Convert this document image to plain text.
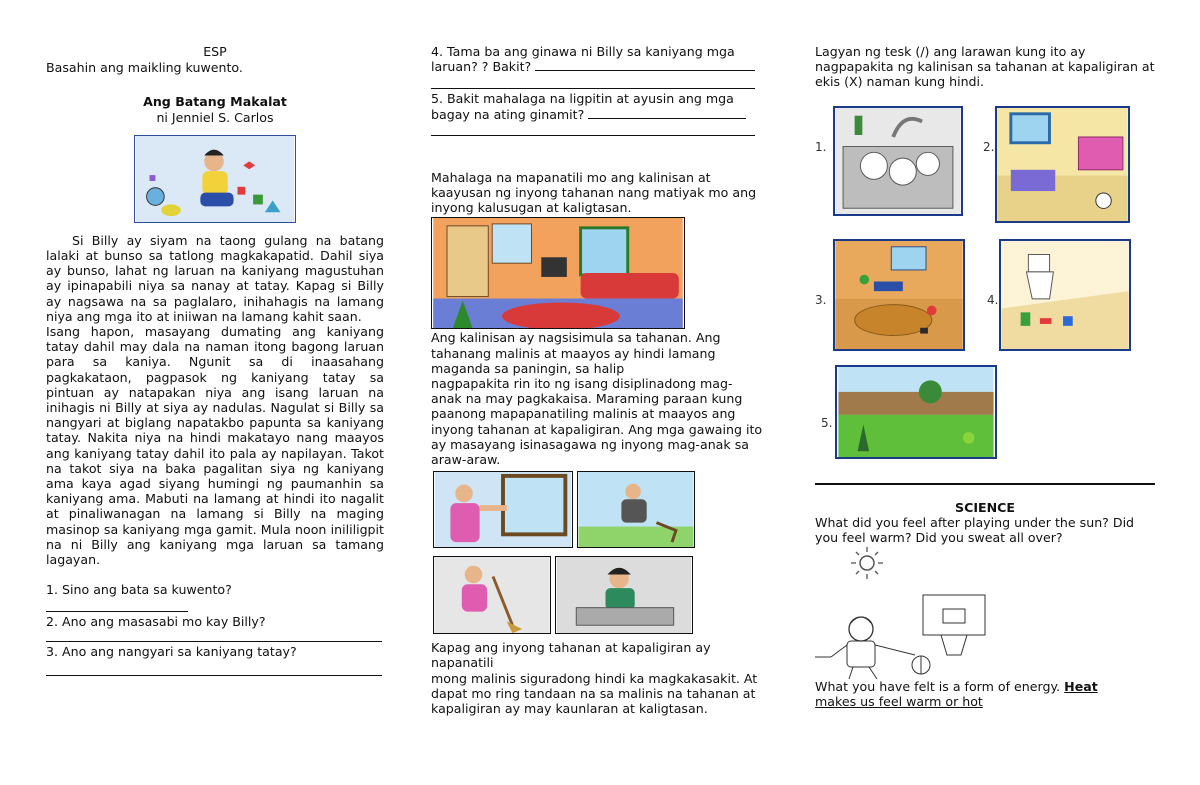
ESP
Basahin ang maikling kuwento.
Ang Batang Makalat
ni Jenniel S. Carlos
Si Billy ay siyam na taong gulang na batang lalaki at bunso sa tatlong magkakapatid. Dahil siya ay bunso, lahat ng laruan na kaniyang magustuhan ay ipinapabili niya sa nanay at tatay. Kapag si Billy ay nagsawa na sa paglalaro, inihahagis na lamang niya ang mga ito at iniiwan na lamang kahit saan.
Isang hapon, masayang dumating ang kaniyang tatay dahil may dala na naman itong bagong laruan para sa kaniya. Ngunit sa di inaasahang pagkakataon, pagpasok ng kaniyang tatay sa pintuan ay natapakan niya ang isang laruan na inihagis ni Billy at siya ay nadulas. Nagulat si Billy sa nangyari at biglang napatakbo papunta sa kaniyang tatay. Nakita niya na hindi makatayo nang maayos ang kaniyang tatay dahil ito pala ay napilayan. Takot na takot siya na baka pagalitan siya ng kaniyang ama kaya agad siyang humingi ng paumanhin sa kaniyang ama. Mabuti na lamang at hindi ito nagalit at pinaliwanagan na lamang si Billy na maging masinop sa kaniyang mga gamit. Mula noon inililigpit na ni Billy ang kaniyang mga laruan sa tamang lagayan.
1. Sino ang bata sa kuwento?
2. Ano ang masasabi mo kay Billy?
3. Ano ang nangyari sa kaniyang tatay?
4. Tama ba ang ginawa ni Billy sa kaniyang mga laruan? ? Bakit?
5. Bakit mahalaga na ligpitin at ayusin ang mga bagay na ating ginamit?
Mahalaga na mapanatili mo ang kalinisan at kaayusan ng inyong tahanan nang matiyak mo ang inyong kalusugan at kaligtasan.
Ang kalinisan ay nagsisimula sa tahanan. Ang tahanang malinis at maayos ay hindi lamang maganda sa paningin, sa halip
nagpapakita rin ito ng isang disiplinadong mag-anak na may pagkakaisa. Maraming paraan kung paanong mapapanatiling malinis at maayos ang inyong tahanan at kapaligiran. Ang mga gawaing ito ay masayang isinasagawa ng inyong mag-anak sa araw-araw.
Kapag ang inyong tahanan at kapaligiran ay napanatili
mong malinis siguradong hindi ka magkakasakit. At dapat mo ring tandaan na sa malinis na tahanan at kapaligiran ay may kaunlaran at kaligtasan.
Lagyan ng tesk (/) ang larawan kung ito ay nagpapakita ng kalinisan sa tahanan at kapaligiran at ekis (X) naman kung hindi.
1.	2.
3.	4.
5.
SCIENCE
What did you feel after playing under the sun? Did you feel warm? Did you sweat all over?
What you have felt is a form of energy. Heat
makes us feel warm or hot
